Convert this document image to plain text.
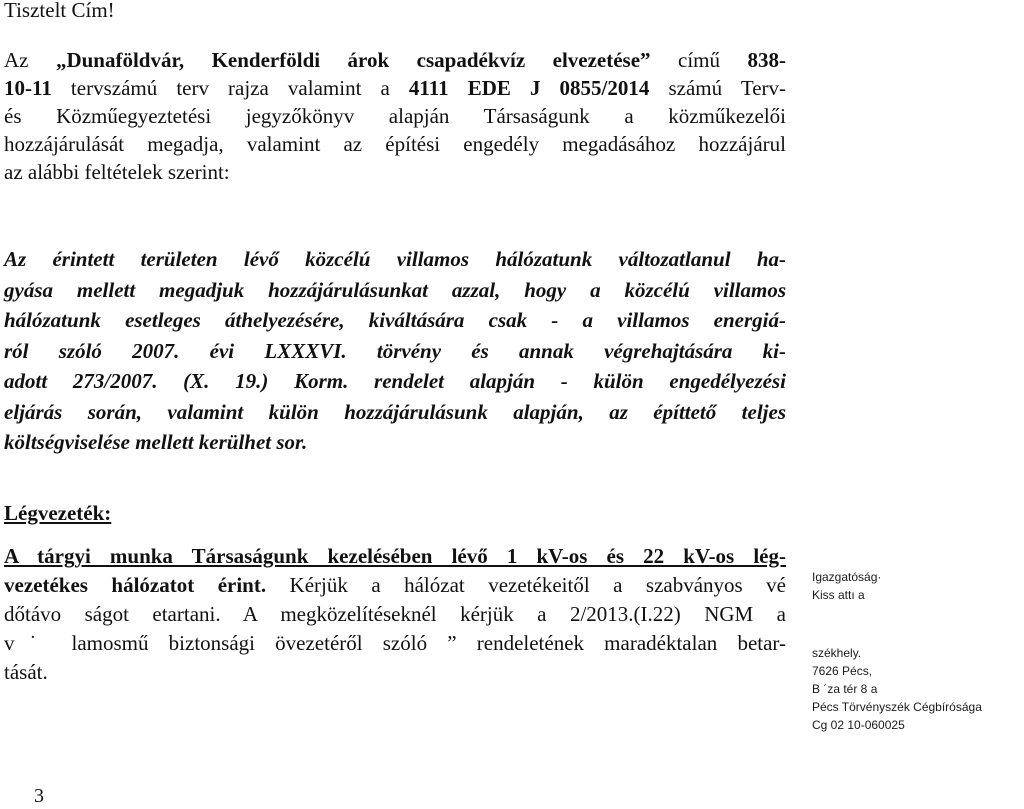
Tisztelt Cím!
Az „Dunaföldvár, Kenderföldi árok csapadékvíz elvezetése” című 838-
10-11 tervszámú terv rajza valamint a 4111 EDE J 0855/2014 számú Terv-
és Közműegyeztetési jegyzőkönyv alapján Társaságunk a közműkezelői
hozzájárulását megadja, valamint az építési engedély megadásához hozzájárul
az alábbi feltételek szerint:
Az érintett területen lévő közcélú villamos hálózatunk változatlanul ha-
gyása mellett megadjuk hozzájárulásunkat azzal, hogy a közcélú villamos
hálózatunk esetleges áthelyezésére, kiváltására csak - a villamos energiá-
ról szóló 2007. évi LXXXVI. törvény és annak végrehajtására ki-
adott 273/2007. (X. 19.) Korm. rendelet alapján - külön engedélyezési
eljárás során, valamint külön hozzájárulásunk alapján, az építtető teljes
költségviselése mellett kerülhet sor.
Légvezeték:
A tárgyi munka Társaságunk kezelésében lévő 1 kV-os és 22 kV-os lég-
vezetékes hálózatot érint. Kérjük a hálózat vezetékeitől a szabványos vé
dőtávo ságot etartani. A megközelítéseknél kérjük a 2/2013.(I.22) NGM a
v˙ lamosmű biztonsági övezetéről szóló ” rendeletének maradéktalan betar-
tását.
3
Igazgatóság·
Kiss attı a
székhely.
7626 Pécs,
B ´za tér 8 a
Pécs Törvényszék Cégbírósága
Cg 02 10-060025
